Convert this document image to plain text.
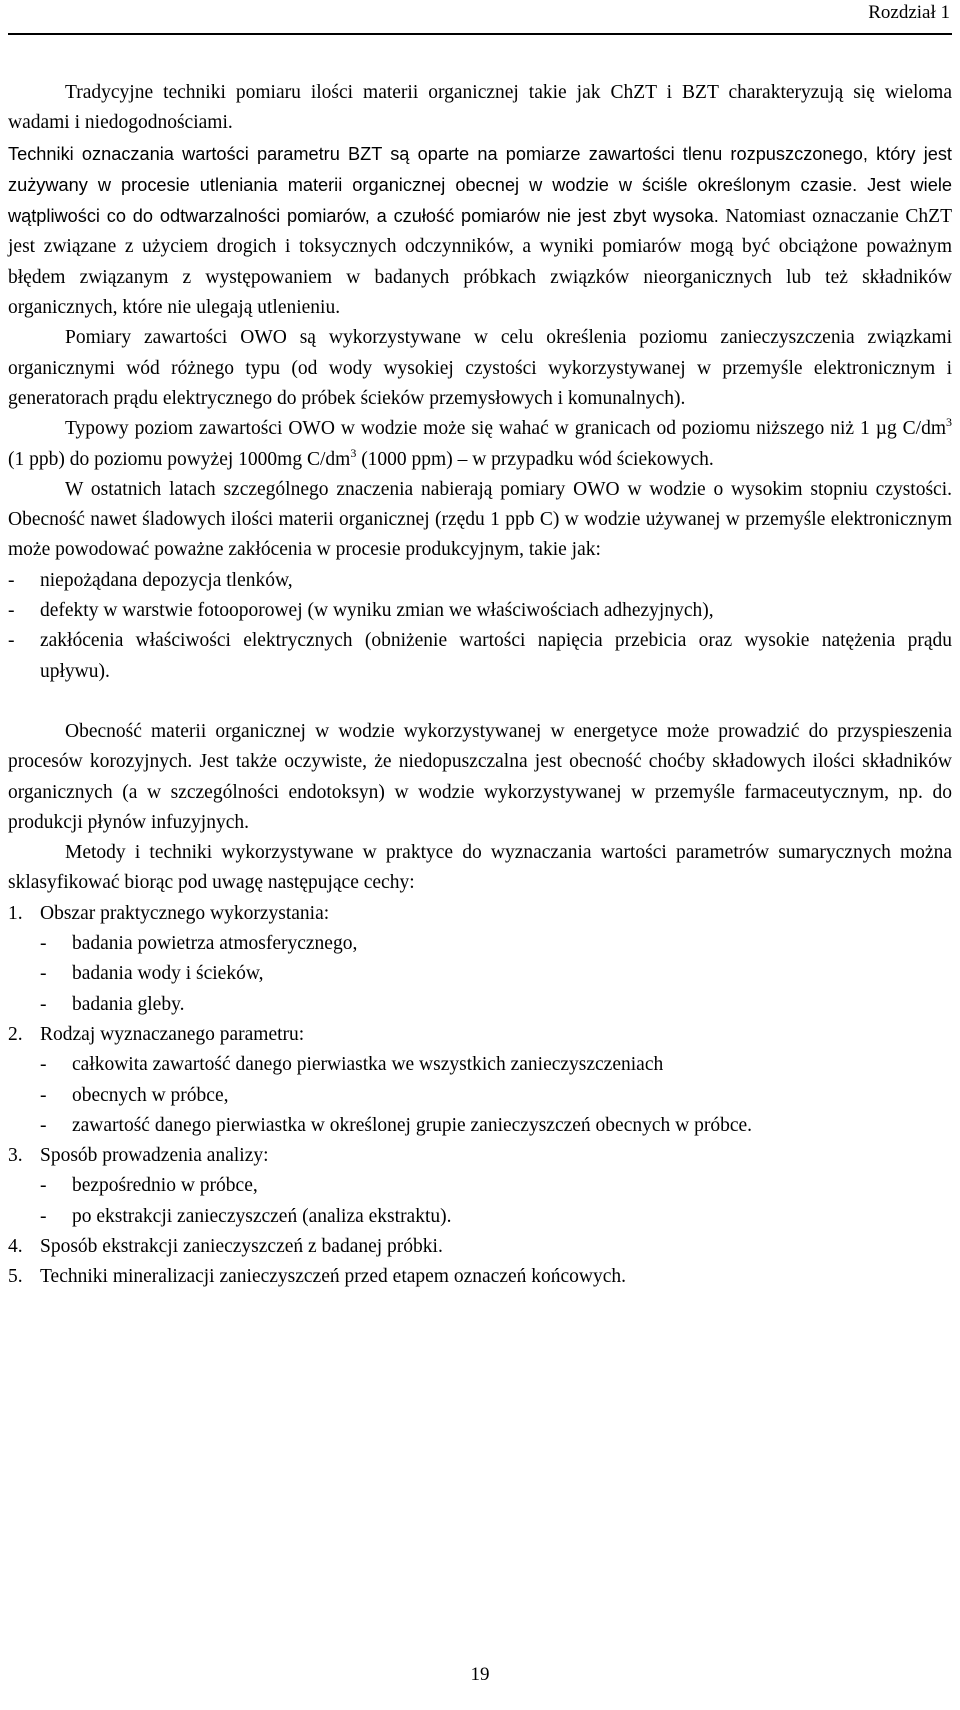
Rozdział 1

Tradycyjne techniki pomiaru ilości materii organicznej takie jak ChZT i BZT charakteryzują się wieloma wadami i niedogodnościami.
Techniki oznaczania wartości parametru BZT są oparte na pomiarze zawartości tlenu rozpuszczonego, który jest zużywany w procesie utleniania materii organicznej obecnej w wodzie w ściśle określonym czasie. Jest wiele wątpliwości co do odtwarzalności pomiarów, a czułość pomiarów nie jest zbyt wysoka. Natomiast oznaczanie ChZT jest związane z użyciem drogich i toksycznych odczynników, a wyniki pomiarów mogą być obciążone poważnym błędem związanym z występowaniem w badanych próbkach związków nieorganicznych lub też składników organicznych, które nie ulegają utlenieniu.

Pomiary zawartości OWO są wykorzystywane w celu określenia poziomu zanieczyszczenia związkami organicznymi wód różnego typu (od wody wysokiej czystości wykorzystywanej w przemyśle elektronicznym i generatorach prądu elektrycznego do próbek ścieków przemysłowych i komunalnych).

Typowy poziom zawartości OWO w wodzie może się wahać w granicach od poziomu niższego niż 1 µg $C/dm^3$ (1 ppb) do poziomu powyżej 1000mg $C/dm^3$ (1000 ppm) – w przypadku wód ściekowych.

W ostatnich latach szczególnego znaczenia nabierają pomiary OWO w wodzie o wysokim stopniu czystości. Obecność nawet śladowych ilości materii organicznej (rzędu 1 ppb C) w wodzie używanej w przemyśle elektronicznym może powodować poważne zakłócenia w procesie produkcyjnym, takie jak:

- niepożądana depozycja tlenków,

- defekty w warstwie fotooporowej (w wyniku zmian we właściwościach adhezyjnych),

- zakłócenia właściwości elektrycznych (obniżenie wartości napięcia przebicia oraz wysokie natężenia prądu upływu).

Obecność materii organicznej w wodzie wykorzystywanej w energetyce może prowadzić do przyspieszenia procesów korozyjnych. Jest także oczywiste, że niedopuszczalna jest obecność choćby składowych ilości składników organicznych (a w szczególności endotoksyn) w wodzie wykorzystywanej w przemyśle farmaceutycznym, np. do produkcji płynów infuzyjnych.

Metody i techniki wykorzystywane w praktyce do wyznaczania wartości parametrów sumarycznych można sklasyfikować biorąc pod uwagę następujące cechy:

1. Obszar praktycznego wykorzystania:

- badania powietrza atmosferycznego,

- badania wody i ścieków,

- badania gleby.

2. Rodzaj wyznaczanego parametru:

- całkowita zawartość danego pierwiastka we wszystkich zanieczyszczeniach

- obecnych w próbce,

- zawartość danego pierwiastka w określonej grupie zanieczyszczeń obecnych w próbce.

3. Sposób prowadzenia analizy:

- bezpośrednio w próbce,

- po ekstrakcji zanieczyszczeń (analiza ekstraktu).

4. Sposób ekstrakcji zanieczyszczeń z badanej próbki.

5. Techniki mineralizacji zanieczyszczeń przed etapem oznaczeń końcowych.

19
